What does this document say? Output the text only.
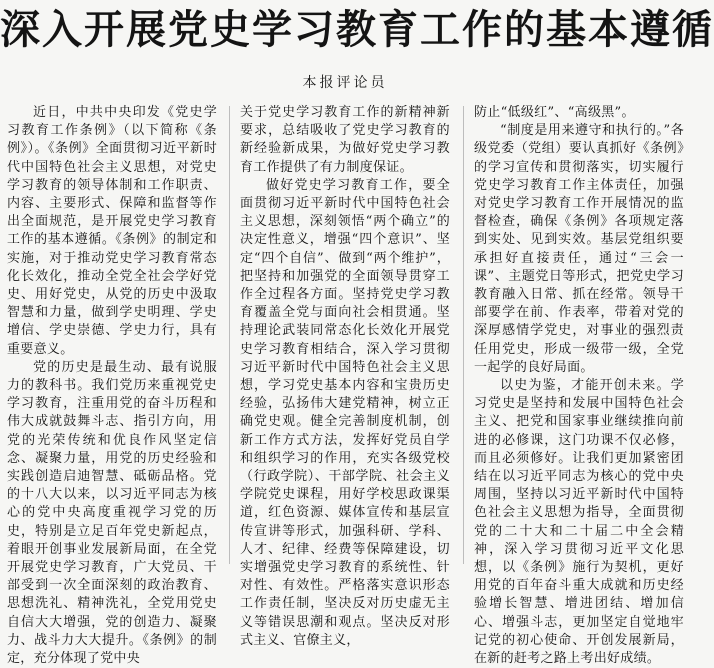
深入开展党史学习教育工作的基本遵循
本报评论员

近日，中共中央印发《党史学习教育工作条例》（以下简称《条例》）。《条例》全面贯彻习近平新时代中国特色社会主义思想，对党史学习教育的领导体制和工作职责、内容、主要形式、保障和监督等作出全面规范，是开展党史学习教育工作的基本遵循。《条例》的制定和实施，对于推动党史学习教育常态化长效化，推动全党全社会学好党史、用好党史，从党的历史中汲取智慧和力量，做到学史明理、学史增信、学史崇德、学史力行，具有重要意义。

党的历史是最生动、最有说服力的教科书。我们党历来重视党史学习教育，注重用党的奋斗历程和伟大成就鼓舞斗志、指引方向，用党的光荣传统和优良作风坚定信念、凝聚力量，用党的历史经验和实践创造启迪智慧、砥砺品格。党的十八大以来，以习近平同志为核心的党中央高度重视学习党的历史，特别是立足百年党史新起点，着眼开创事业发展新局面，在全党开展党史学习教育，广大党员、干部受到一次全面深刻的政治教育、思想洗礼、精神洗礼，全党用党史自信大大增强，党的创造力、凝聚力、战斗力大大提升。《条例》的制定，充分体现了党中央

关于党史学习教育工作的新精神新要求，总结吸收了党史学习教育的新经验新成果，为做好党史学习教育工作提供了有力制度保证。

做好党史学习教育工作，要全面贯彻习近平新时代中国特色社会主义思想，深刻领悟“两个确立”的决定性意义，增强“四个意识”、坚定“四个自信”、做到“两个维护”，把坚持和加强党的全面领导贯穿工作全过程各方面。坚持党史学习教育覆盖全党与面向社会相贯通。坚持理论武装同常态化长效化开展党史学习教育相结合，深入学习贯彻习近平新时代中国特色社会主义思想，学习党史基本内容和宝贵历史经验，弘扬伟大建党精神，树立正确党史观。健全完善制度机制，创新工作方式方法，发挥好党员自学和组织学习的作用，充实各级党校（行政学院）、干部学院、社会主义学院党史课程，用好学校思政课渠道，红色资源、媒体宣传和基层宣传宣讲等形式，加强科研、学科、人才、纪律、经费等保障建设，切实增强党史学习教育的系统性、针对性、有效性。严格落实意识形态工作责任制，坚决反对历史虚无主义等错误思潮和观点。坚决反对形式主义、官僚主义，

防止“低级红”、“高级黑”。

“制度是用来遵守和执行的。”各级党委（党组）要认真抓好《条例》的学习宣传和贯彻落实，切实履行党史学习教育工作主体责任，加强对党史学习教育工作开展情况的监督检查，确保《条例》各项规定落到实处、见到实效。基层党组织要承担好直接责任，通过“三会一课”、主题党日等形式，把党史学习教育融入日常、抓在经常。领导干部要学在前、作表率，带着对党的深厚感情学党史，对事业的强烈责任用党史，形成一级带一级，全党一起学的良好局面。

以史为鉴，才能开创未来。学习党史是坚持和发展中国特色社会主义、把党和国家事业继续推向前进的必修课，这门功课不仅必修，而且必须修好。让我们更加紧密团结在以习近平同志为核心的党中央周围，坚持以习近平新时代中国特色社会主义思想为指导，全面贯彻党的二十大和二十届二中全会精神，深入学习贯彻习近平文化思想，以《条例》施行为契机，更好用党的百年奋斗重大成就和历史经验增长智慧、增进团结、增加信心、增强斗志，更加坚定自觉地牢记党的初心使命、开创发展新局，在新的赶考之路上考出好成绩。
